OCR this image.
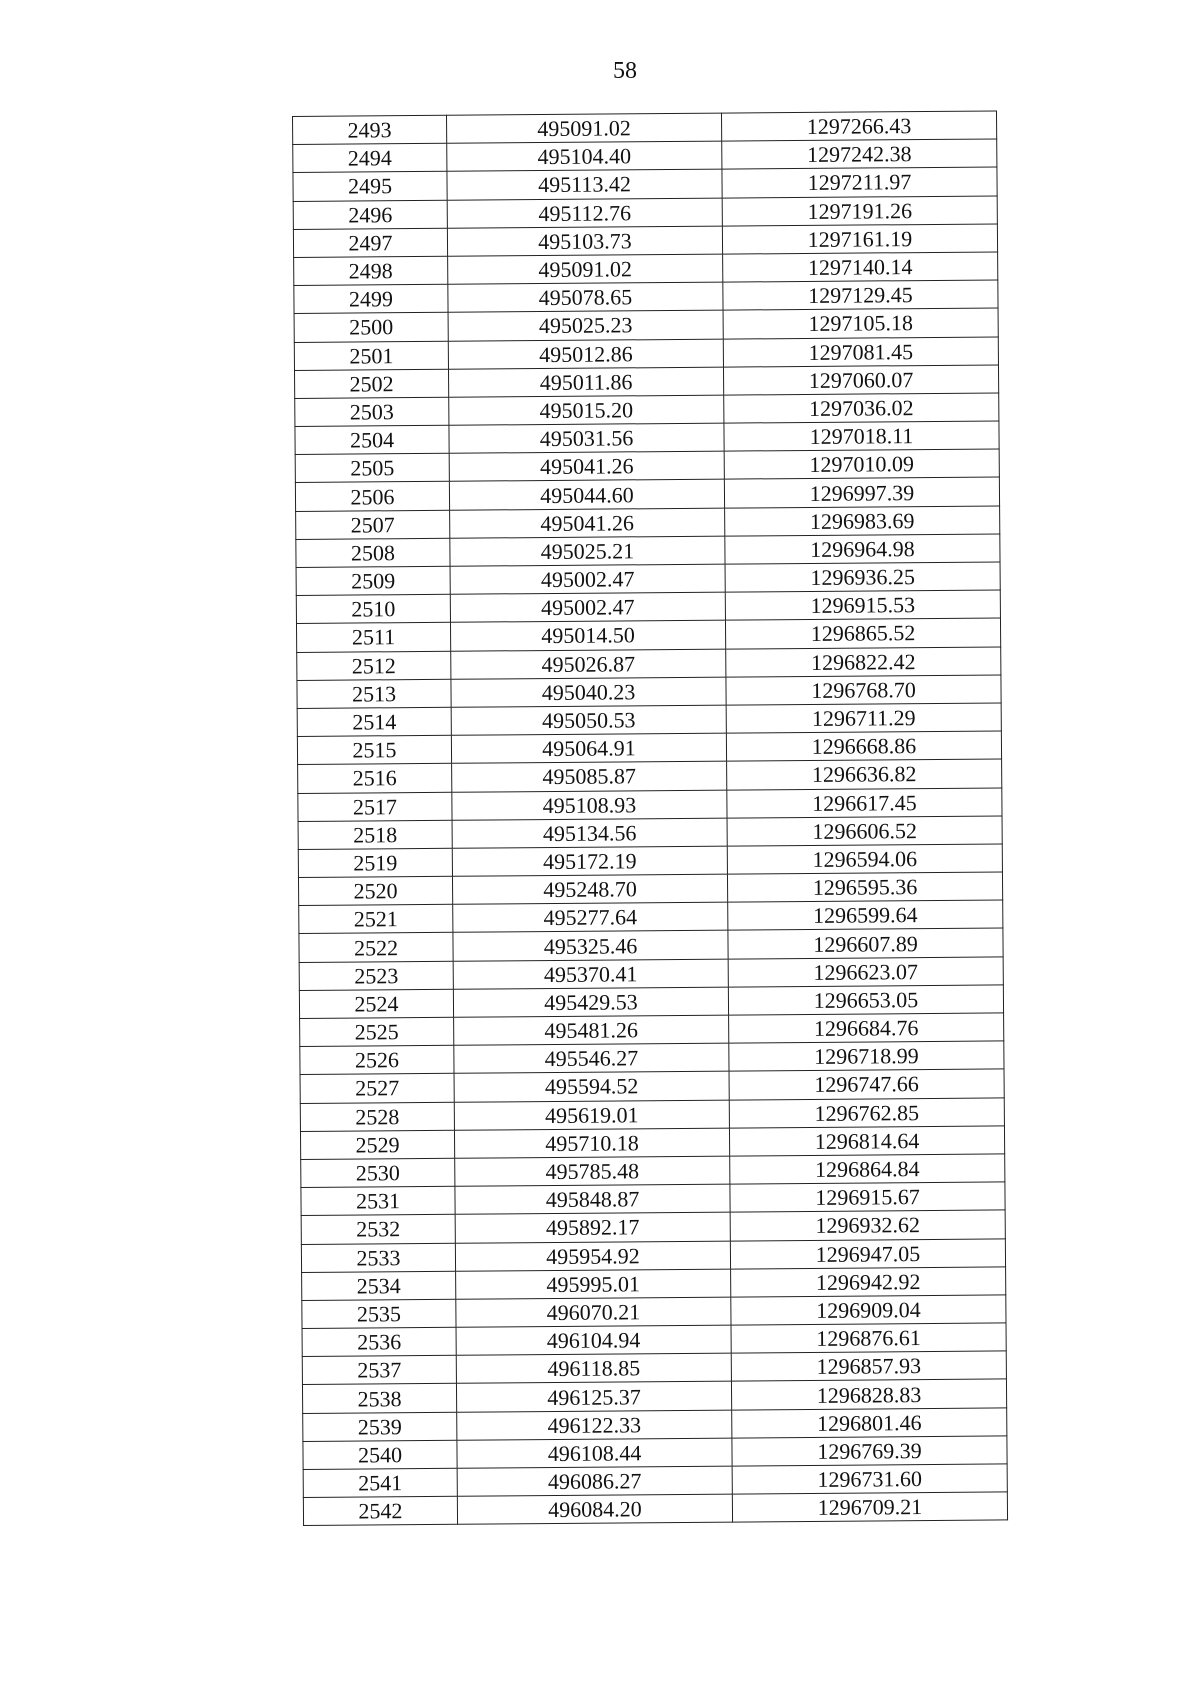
58
2493	495091.02	1297266.43
2494	495104.40	1297242.38
2495	495113.42	1297211.97
2496	495112.76	1297191.26
2497	495103.73	1297161.19
2498	495091.02	1297140.14
2499	495078.65	1297129.45
2500	495025.23	1297105.18
2501	495012.86	1297081.45
2502	495011.86	1297060.07
2503	495015.20	1297036.02
2504	495031.56	1297018.11
2505	495041.26	1297010.09
2506	495044.60	1296997.39
2507	495041.26	1296983.69
2508	495025.21	1296964.98
2509	495002.47	1296936.25
2510	495002.47	1296915.53
2511	495014.50	1296865.52
2512	495026.87	1296822.42
2513	495040.23	1296768.70
2514	495050.53	1296711.29
2515	495064.91	1296668.86
2516	495085.87	1296636.82
2517	495108.93	1296617.45
2518	495134.56	1296606.52
2519	495172.19	1296594.06
2520	495248.70	1296595.36
2521	495277.64	1296599.64
2522	495325.46	1296607.89
2523	495370.41	1296623.07
2524	495429.53	1296653.05
2525	495481.26	1296684.76
2526	495546.27	1296718.99
2527	495594.52	1296747.66
2528	495619.01	1296762.85
2529	495710.18	1296814.64
2530	495785.48	1296864.84
2531	495848.87	1296915.67
2532	495892.17	1296932.62
2533	495954.92	1296947.05
2534	495995.01	1296942.92
2535	496070.21	1296909.04
2536	496104.94	1296876.61
2537	496118.85	1296857.93
2538	496125.37	1296828.83
2539	496122.33	1296801.46
2540	496108.44	1296769.39
2541	496086.27	1296731.60
2542	496084.20	1296709.21
